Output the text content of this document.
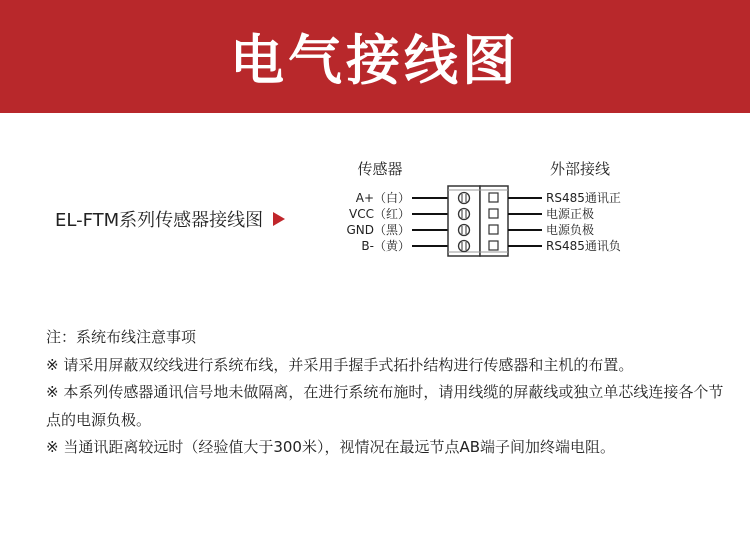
电气接线图
EL-FTM系列传感器接线图
传感器	外部接线
A+（白）
VCC（红）
GND（黑）
B-（黄）
RS485通讯正
电源正极
电源负极
RS485通讯负

注：系统布线注意事项

※ 请采用屏蔽双绞线进行系统布线，并采用手握手式拓扑结构进行传感器和主机的布置。

※ 本系列传感器通讯信号地未做隔离，在进行系统布施时，请用线缆的屏蔽线或独立单芯线连接各个节点的电源负极。

※ 当通讯距离较远时（经验值大于300米），视情况在最远节点AB端子间加终端电阻。
